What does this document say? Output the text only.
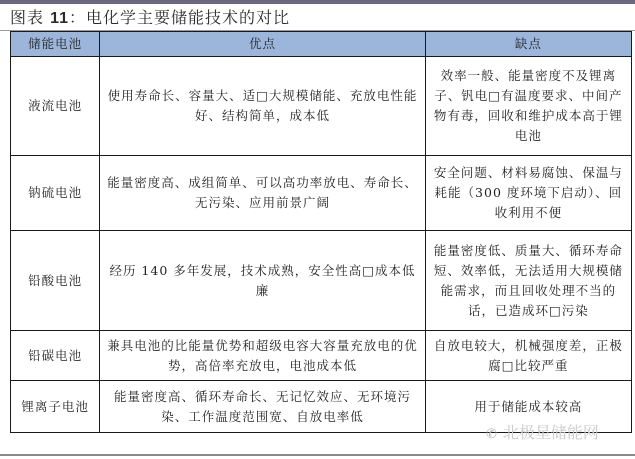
图表 11：电化学主要储能技术的对比
储能电池	优点	缺点
液流电池	使用寿命长、容量大、适□大规模储能、充放电性能好、结构简单，成本低	效率一般、能量密度不及锂离子、钒电□有温度要求、中间产物有毒，回收和维护成本高于锂电池
钠硫电池	能量密度高、成组简单、可以高功率放电、寿命长、无污染、应用前景广阔	安全问题、材料易腐蚀、保温与耗能（300 度环境下启动）、回收利用不便
铅酸电池	经历 140 多年发展，技术成熟，安全性高□成本低廉	能量密度低、质量大、循环寿命短、效率低，无法适用大规模储能需求，而且回收处理不当的话，已造成环□污染
铅碳电池	兼具电池的比能量优势和超级电容大容量充放电的优势，高倍率充放电，电池成本低	自放电较大，机械强度差，正极腐□比较严重
锂离子电池	能量密度高、循环寿命长、无记忆效应、无环境污染、工作温度范围宽、自放电率低	用于储能成本较高
✆ 北极星储能网
